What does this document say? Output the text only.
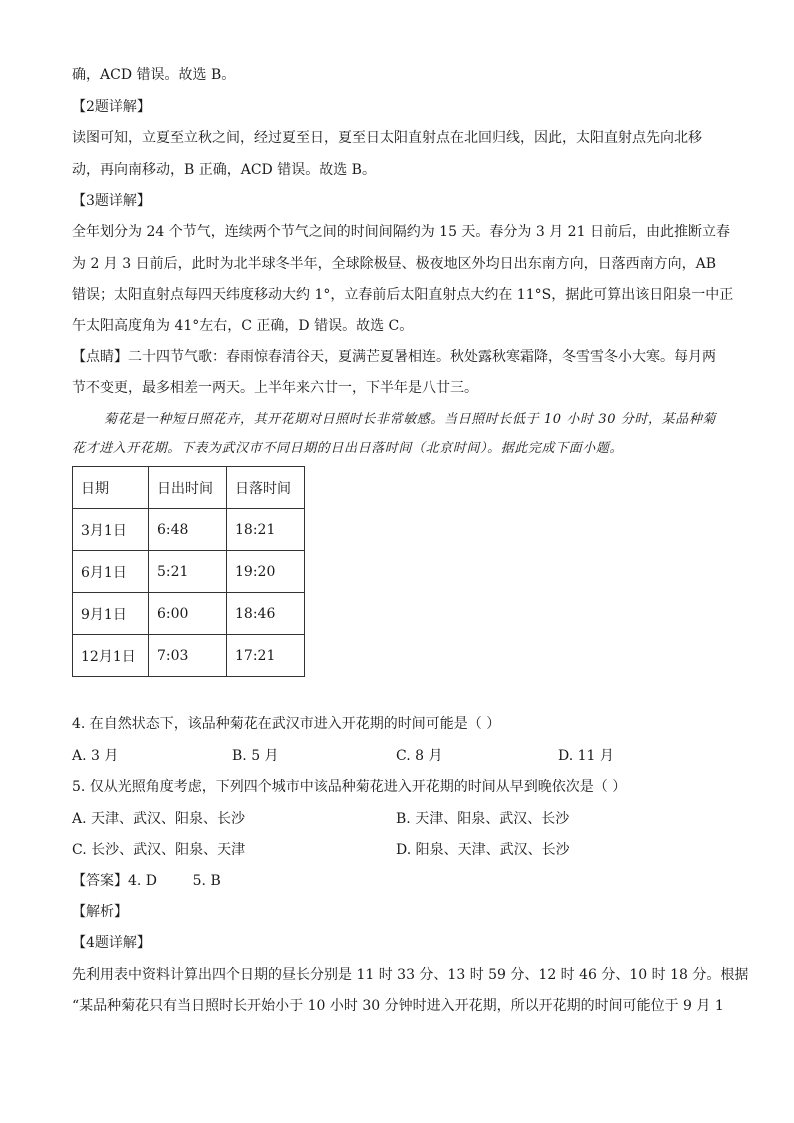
确，ACD 错误。故选 B。
【2题详解】
读图可知，立夏至立秋之间，经过夏至日，夏至日太阳直射点在北回归线，因此，太阳直射点先向北移
动，再向南移动，B 正确，ACD 错误。故选 B。
【3题详解】
全年划分为 24 个节气，连续两个节气之间的时间间隔约为 15 天。春分为 3 月 21 日前后，由此推断立春
为 2 月 3 日前后，此时为北半球冬半年，全球除极昼、极夜地区外均日出东南方向，日落西南方向，AB
错误；太阳直射点每四天纬度移动大约 1°，立春前后太阳直射点大约在 11°S，据此可算出该日阳泉一中正
午太阳高度角为 41°左右，C 正确，D 错误。故选 C。
【点睛】二十四节气歌：春雨惊春清谷天，夏满芒夏暑相连。秋处露秋寒霜降，冬雪雪冬小大寒。每月两
节不变更，最多相差一两天。上半年来六廿一，下半年是八廿三。
菊花是一种短日照花卉，其开花期对日照时长非常敏感。当日照时长低于 10 小时 30 分时，某品种菊
花才进入开花期。下表为武汉市不同日期的日出日落时间（北京时间）。据此完成下面小题。
日期	日出时间	日落时间
3月1日	6:48	18:21
6月1日	5:21	19:20
9月1日	6:00	18:46
12月1日	7:03	17:21
4. 在自然状态下，该品种菊花在武汉市进入开花期的时间可能是（ ）
A. 3 月	B. 5 月	C. 8 月	D. 11 月
5. 仅从光照角度考虑，下列四个城市中该品种菊花进入开花期的时间从早到晚依次是（ ）
A. 天津、武汉、阳泉、长沙	B. 天津、阳泉、武汉、长沙
C. 长沙、武汉、阳泉、天津	D. 阳泉、天津、武汉、长沙
【答案】4. D        5. B
【解析】
【4题详解】
先利用表中资料计算出四个日期的昼长分别是 11 时 33 分、13 时 59 分、12 时 46 分、10 时 18 分。根据
“某品种菊花只有当日照时长开始小于 10 小时 30 分钟时进入开花期，所以开花期的时间可能位于 9 月 1
